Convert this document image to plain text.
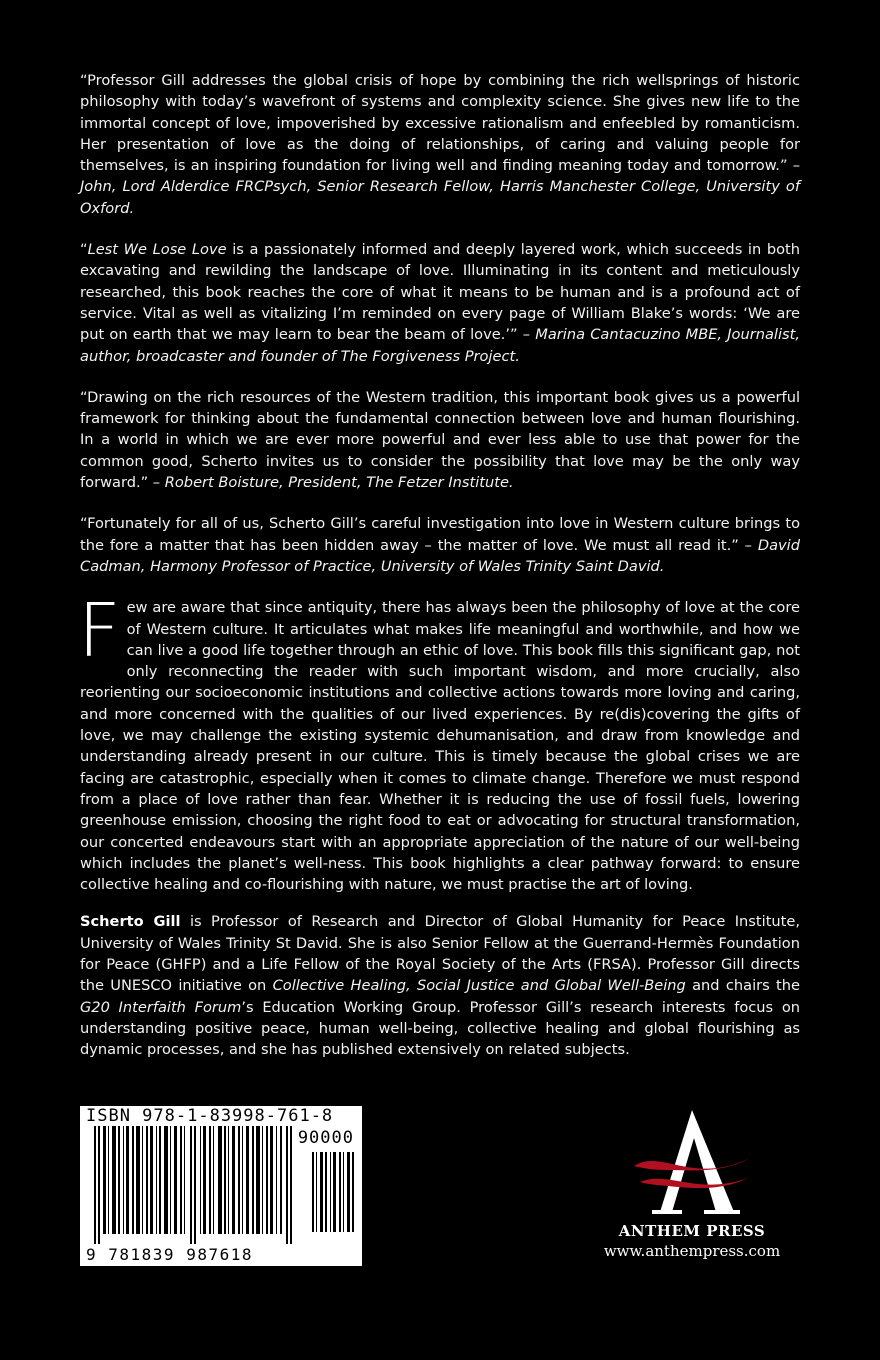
“Professor Gill addresses the global crisis of hope by combining the rich wellsprings of historic philosophy with today’s wavefront of systems and complexity science. She gives new life to the immortal concept of love, impoverished by excessive rationalism and enfeebled by romanticism. Her presentation of love as the doing of relationships, of caring and valuing people for themselves, is an inspiring foundation for living well and finding meaning today and tomorrow.” – John, Lord Alderdice FRCPsych, Senior Research Fellow, Harris Manchester College, University of Oxford.

“Lest We Lose Love is a passionately informed and deeply layered work, which succeeds in both excavating and rewilding the landscape of love. Illuminating in its content and meticulously researched, this book reaches the core of what it means to be human and is a profound act of service. Vital as well as vitalizing I’m reminded on every page of William Blake’s words: ‘We are put on earth that we may learn to bear the beam of love.’” – Marina Cantacuzino MBE, Journalist, author, broadcaster and founder of The Forgiveness Project.

“Drawing on the rich resources of the Western tradition, this important book gives us a powerful framework for thinking about the fundamental connection between love and human flourishing. In a world in which we are ever more powerful and ever less able to use that power for the common good, Scherto invites us to consider the possibility that love may be the only way forward.” – Robert Boisture, President, The Fetzer Institute.

“Fortunately for all of us, Scherto Gill’s careful investigation into love in Western culture brings to the fore a matter that has been hidden away – the matter of love. We must all read it.” – David Cadman, Harmony Professor of Practice, University of Wales Trinity Saint David.

Few are aware that since antiquity, there has always been the philosophy of love at the core of Western culture. It articulates what makes life meaningful and worthwhile, and how we can live a good life together through an ethic of love. This book fills this significant gap, not only reconnecting the reader with such important wisdom, and more crucially, also reorienting our socioeconomic institutions and collective actions towards more loving and caring, and more concerned with the qualities of our lived experiences. By re(dis)covering the gifts of love, we may challenge the existing systemic dehumanisation, and draw from knowledge and understanding already present in our culture. This is timely because the global crises we are facing are catastrophic, especially when it comes to climate change. Therefore we must respond from a place of love rather than fear. Whether it is reducing the use of fossil fuels, lowering greenhouse emission, choosing the right food to eat or advocating for structural transformation, our concerted endeavours start with an appropriate appreciation of the nature of our well-being which includes the planet’s well-ness. This book highlights a clear pathway forward: to ensure collective healing and co-flourishing with nature, we must practise the art of loving.

Scherto Gill is Professor of Research and Director of Global Humanity for Peace Institute, University of Wales Trinity St David. She is also Senior Fellow at the Guerrand-Hermès Foundation for Peace (GHFP) and a Life Fellow of the Royal Society of the Arts (FRSA). Professor Gill directs the UNESCO initiative on Collective Healing, Social Justice and Global Well-Being and chairs the G20 Interfaith Forum’s Education Working Group. Professor Gill’s research interests focus on understanding positive peace, human well-being, collective healing and global flourishing as dynamic processes, and she has published extensively on related subjects.

ISBN 978-1-83998-761-8
90000
9 781839 987618
ANTHEM PRESS
www.anthempress.com
